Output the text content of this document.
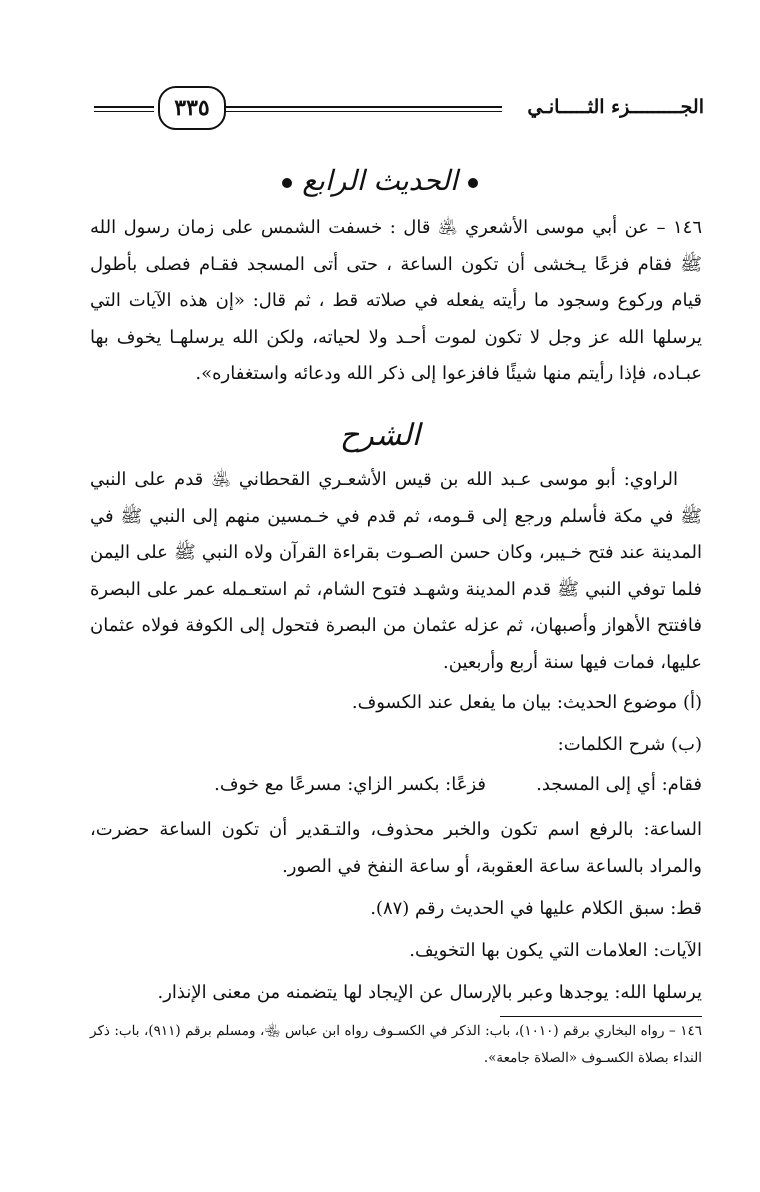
الجـــــــــزء الثـــــانـي
٣٣٥
الحديث الرابع

١٤٦ – عن أبي موسى الأشعري ﵁ قال : خسفت الشمس على زمان رسول الله ﷺ فقام فزعًا يـخشى أن تكون الساعة ، حتى أتى المسجد فقـام فصلى بأطول قيام وركوع وسجود ما رأيته يفعله في صلاته قط ، ثم قال: «إن هذه الآيات التي يرسلها الله عز وجل لا تكون لموت أحـد ولا لحياته، ولكن الله يرسلهـا يخوف بها عبـاده، فإذا رأيتم منها شيئًا فافزعوا إلى ذكر الله ودعائه واستغفاره».

الشرح

الراوي: أبو موسى عـبد الله بن قيس الأشعـري القحطاني ﵁ قدم على النبي ﷺ في مكة فأسلم ورجع إلى قـومه، ثم قدم في خـمسين منهم إلى النبي ﷺ في المدينة عند فتح خـيبر، وكان حسن الصـوت بقراءة القرآن ولاه النبي ﷺ على اليمن فلما توفي النبي ﷺ قدم المدينة وشهـد فتوح الشام، ثم استعـمله عمر على البصرة فافتتح الأهواز وأصبهان، ثم عزله عثمان من البصرة فتحول إلى الكوفة فولاه عثمان عليها، فمات فيها سنة أربع وأربعين.

(أ) موضوع الحديث: بيان ما يفعل عند الكسوف.
(ب) شرح الكلمات:
فقام: أي إلى المسجد.
فزعًا: بكسر الزاي: مسرعًا مع خوف.

الساعة: بالرفع اسم تكون والخبر محذوف، والتـقدير أن تكون الساعة حضرت، والمراد بالساعة ساعة العقوبة، أو ساعة النفخ في الصور.

قط: سبق الكلام عليها في الحديث رقم (٨٧).
الآيات: العلامات التي يكون بها التخويف.
يرسلها الله: يوجدها وعبر بالإرسال عن الإيجاد لها يتضمنه من معنى الإنذار.

١٤٦ – رواه البخاري برقم (١٠١٠)، باب: الذكر في الكسـوف رواه ابن عباس ﵄، ومسلم برقم (٩١١)، باب: ذكر النداء بصلاة الكسـوف «الصلاة جامعة».
